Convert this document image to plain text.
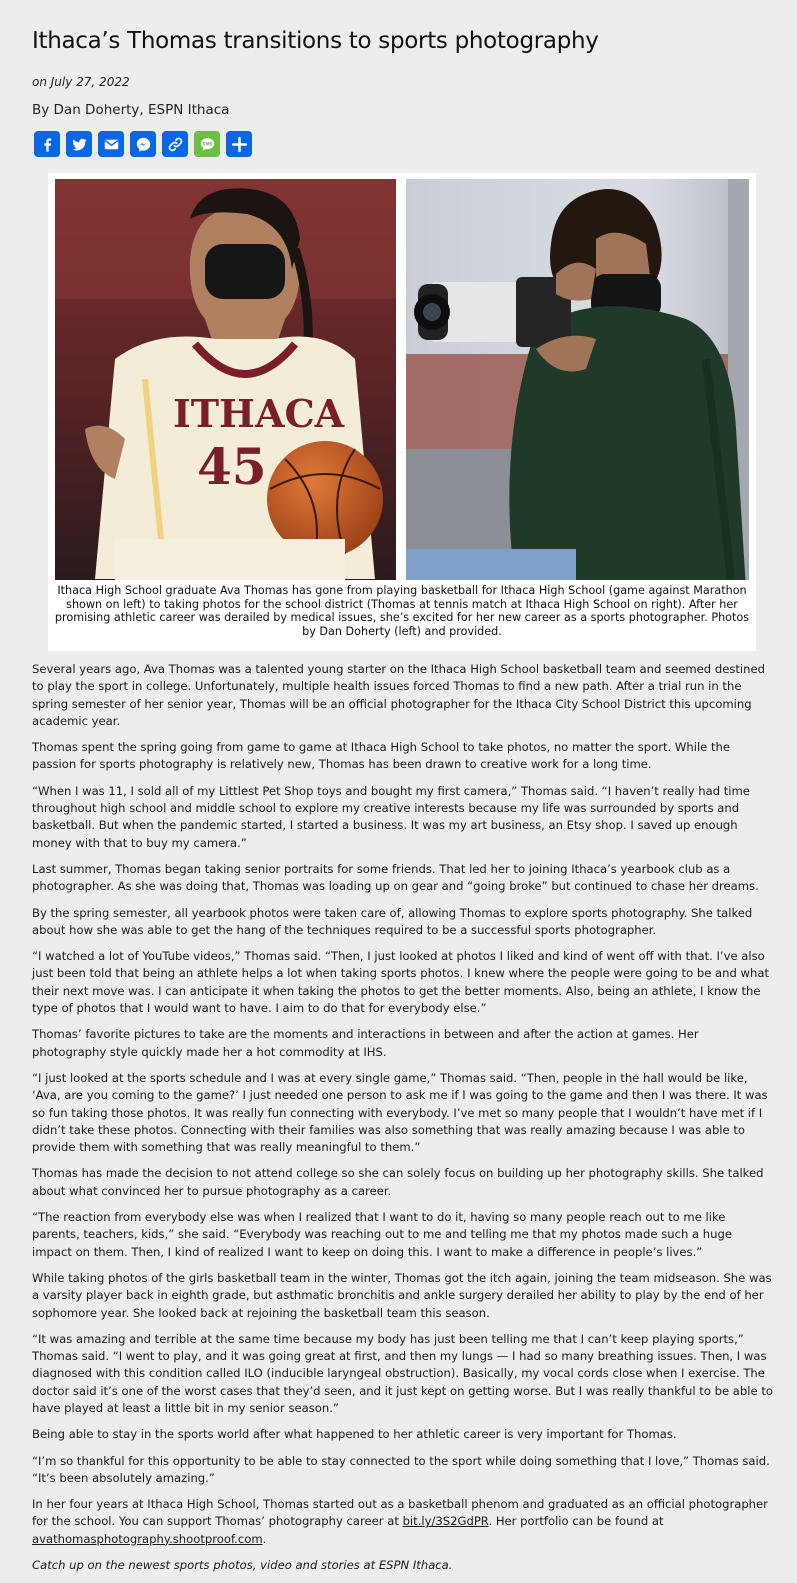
Ithaca’s Thomas transitions to sports photography
on July 27, 2022
By Dan Doherty, ESPN Ithaca
SMS
ITHACA
45
Ithaca High School graduate Ava Thomas has gone from playing basketball for Ithaca High School (game against Marathon shown on left) to taking photos for the school district (Thomas at tennis match at Ithaca High School on right). After her promising athletic career was derailed by medical issues, she’s excited for her new career as a sports photographer. Photos by Dan Doherty (left) and provided.

Several years ago, Ava Thomas was a talented young starter on the Ithaca High School basketball team and seemed destined to play the sport in college. Unfortunately, multiple health issues forced Thomas to find a new path. After a trial run in the spring semester of her senior year, Thomas will be an official photographer for the Ithaca City School District this upcoming academic year.

Thomas spent the spring going from game to game at Ithaca High School to take photos, no matter the sport. While the passion for sports photography is relatively new, Thomas has been drawn to creative work for a long time.

“When I was 11, I sold all of my Littlest Pet Shop toys and bought my first camera,” Thomas said. “I haven’t really had time throughout high school and middle school to explore my creative interests because my life was surrounded by sports and basketball. But when the pandemic started, I started a business. It was my art business, an Etsy shop. I saved up enough money with that to buy my camera.”

Last summer, Thomas began taking senior portraits for some friends. That led her to joining Ithaca’s yearbook club as a photographer. As she was doing that, Thomas was loading up on gear and “going broke” but continued to chase her dreams.

By the spring semester, all yearbook photos were taken care of, allowing Thomas to explore sports photography. She talked about how she was able to get the hang of the techniques required to be a successful sports photographer.

“I watched a lot of YouTube videos,” Thomas said. “Then, I just looked at photos I liked and kind of went off with that. I’ve also just been told that being an athlete helps a lot when taking sports photos. I knew where the people were going to be and what their next move was. I can anticipate it when taking the photos to get the better moments. Also, being an athlete, I know the type of photos that I would want to have. I aim to do that for everybody else.”

Thomas’ favorite pictures to take are the moments and interactions in between and after the action at games. Her photography style quickly made her a hot commodity at IHS.

“I just looked at the sports schedule and I was at every single game,” Thomas said. “Then, people in the hall would be like, ‘Ava, are you coming to the game?’ I just needed one person to ask me if I was going to the game and then I was there. It was so fun taking those photos. It was really fun connecting with everybody. I’ve met so many people that I wouldn’t have met if I didn’t take these photos. Connecting with their families was also something that was really amazing because I was able to provide them with something that was really meaningful to them.”

Thomas has made the decision to not attend college so she can solely focus on building up her photography skills. She talked about what convinced her to pursue photography as a career.

“The reaction from everybody else was when I realized that I want to do it, having so many people reach out to me like parents, teachers, kids,” she said. “Everybody was reaching out to me and telling me that my photos made such a huge impact on them. Then, I kind of realized I want to keep on doing this. I want to make a difference in people’s lives.”

While taking photos of the girls basketball team in the winter, Thomas got the itch again, joining the team midseason. She was a varsity player back in eighth grade, but asthmatic bronchitis and ankle surgery derailed her ability to play by the end of her sophomore year. She looked back at rejoining the basketball team this season.

“It was amazing and terrible at the same time because my body has just been telling me that I can’t keep playing sports,” Thomas said. “I went to play, and it was going great at first, and then my lungs — I had so many breathing issues. Then, I was diagnosed with this condition called ILO (inducible laryngeal obstruction). Basically, my vocal cords close when I exercise. The doctor said it’s one of the worst cases that they’d seen, and it just kept on getting worse. But I was really thankful to be able to have played at least a little bit in my senior season.”

Being able to stay in the sports world after what happened to her athletic career is very important for Thomas.

“I’m so thankful for this opportunity to be able to stay connected to the sport while doing something that I love,” Thomas said. “It’s been absolutely amazing.”

In her four years at Ithaca High School, Thomas started out as a basketball phenom and graduated as an official photographer for the school. You can support Thomas’ photography career at bit.ly/3S2GdPR. Her portfolio can be found at avathomasphotography.shootproof.com.

Catch up on the newest sports photos, video and stories at ESPN Ithaca.
